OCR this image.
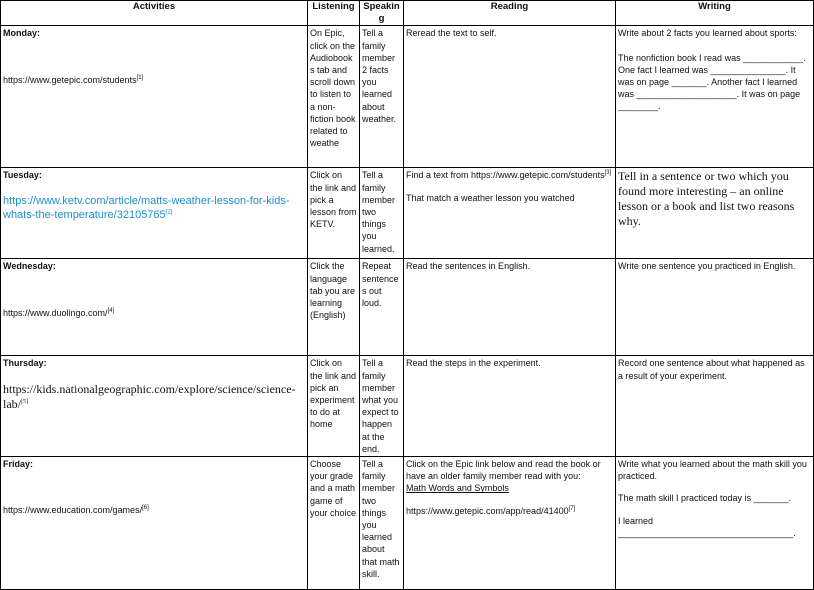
Activities	Listening	Speaking	Reading	Writing

Monday:
https://www.getepic.com/students[1]	On Epic, click on the Audiobooks tab and scroll down to listen to a non-fiction book related to weathe	Tell a family member 2 facts you learned about weather.	Reread the text to self.	Write about 2 facts you learned about sports:
The nonfiction book I read was ____________. One fact I learned was _______________. It was on page _______. Another fact I learned was ____________________. It was on page ________.

Tuesday:
https://www.ketv.com/article/matts-weather-lesson-for-kids-whats-the-temperature/32105765[2]	Click on the link and pick a lesson from KETV.	Tell a family member two things you learned.	Find a text from https://www.getepic.com/students[3]
That match a weather lesson you watched	Tell in a sentence or two which you found more interesting – an online lesson or a book and list two reasons why.

Wednesday:
https://www.duolingo.com/[4]	Click the language tab you are learning (English)	Repeat sentences out loud.	Read the sentences in English.	Write one sentence you practiced in English.

Thursday:
https://kids.nationalgeographic.com/explore/science/science-lab/[5]	Click on the link and pick an experiment to do at home	Tell a family member what you expect to happen at the end.	Read the steps in the experiment.	Record one sentence about what happened as a result of your experiment.

Friday:
https://www.education.com/games/[6]	Choose your grade and a math game of your choice	Tell a family member two things you learned about that math skill.	Click on the Epic link below and read the book or have an older family member read with you:
Math Words and Symbols
https://www.getepic.com/app/read/41400[7]	Write what you learned about the math skill you practiced.
The math skill I practiced today is _______.
I learned ___________________________________.
